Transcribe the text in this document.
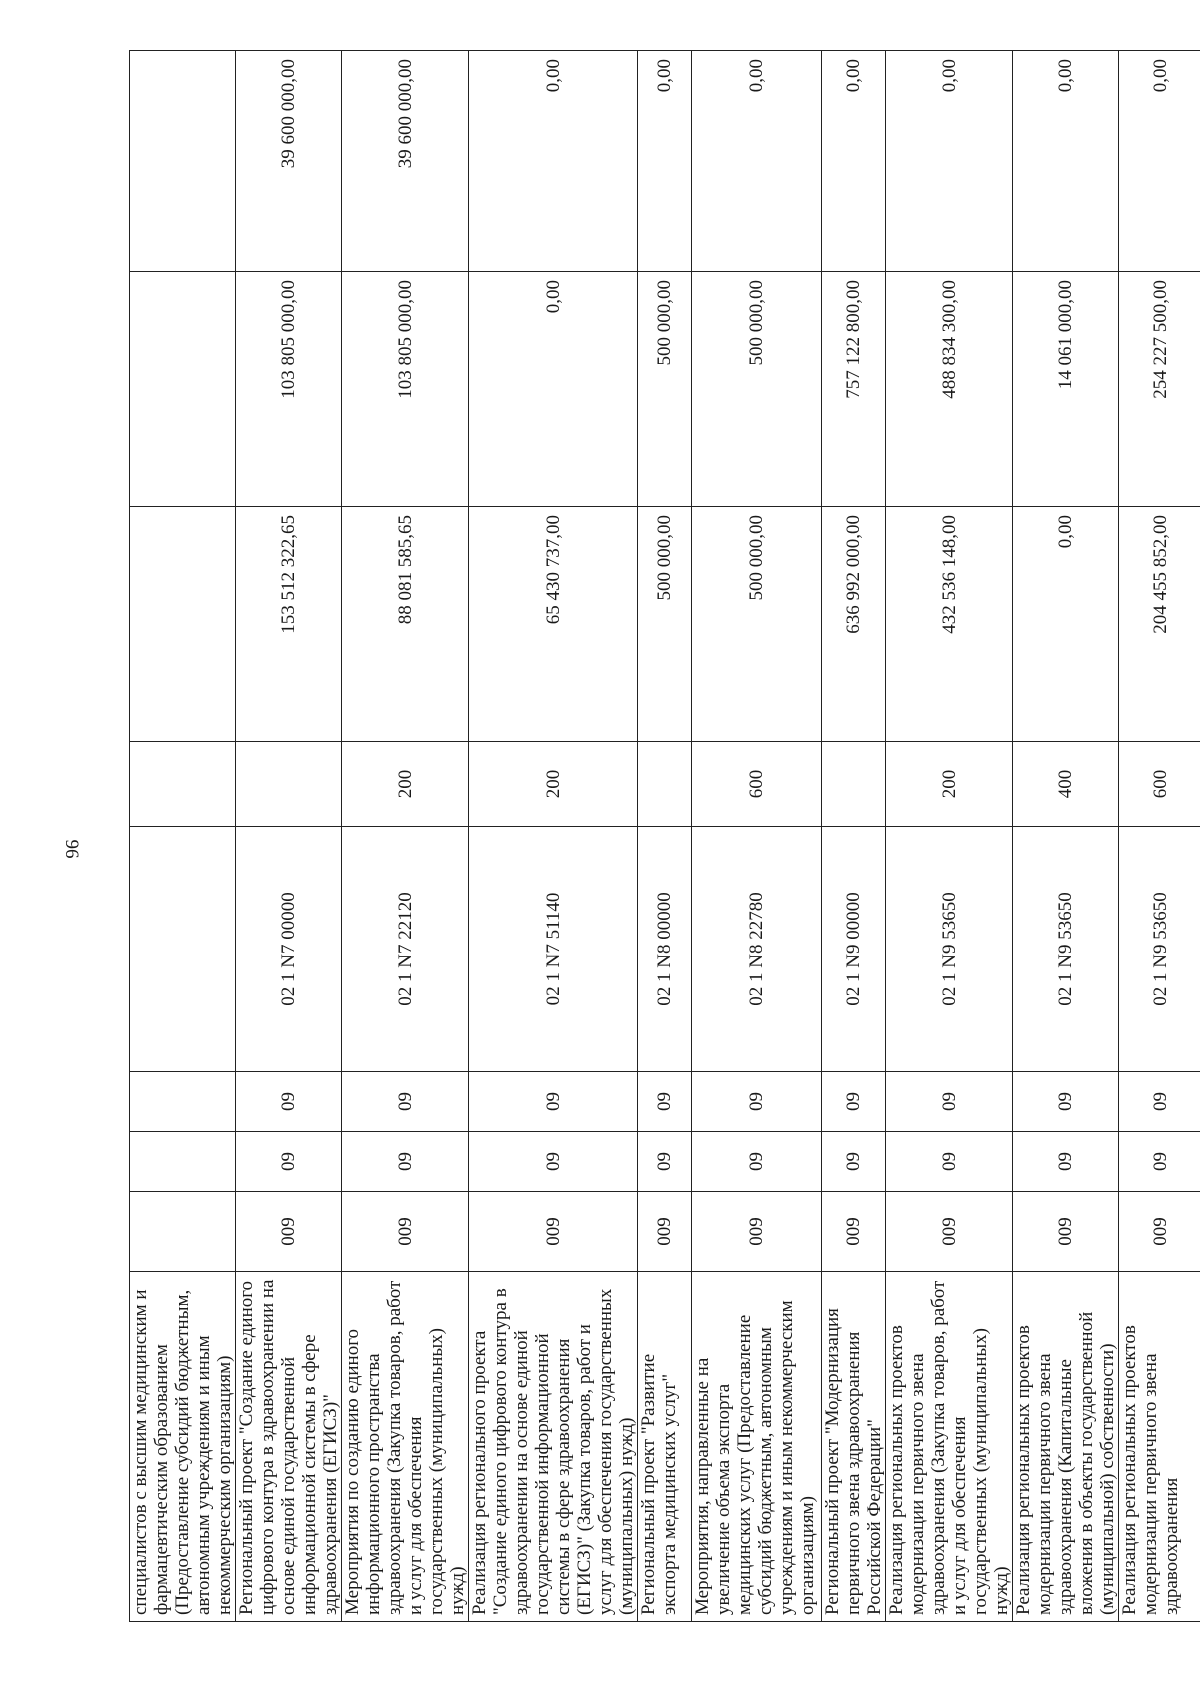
96
специалистов с высшим медицинским и фармацевтическим образованием (Предоставление субсидий бюджетным, автономным учреждениям и иным некоммерческим организациям)								
Региональный проект "Создание единого цифрового контура в здравоохранении на основе единой государственной информационной системы в сфере здравоохранения (ЕГИСЗ)"	009	09	09	02 1 N7 00000		153 512 322,65	103 805 000,00	39 600 000,00
Мероприятия по созданию единого информационного пространства здравоохранения (Закупка товаров, работ и услуг для обеспечения государственных (муниципальных) нужд)	009	09	09	02 1 N7 22120	200	88 081 585,65	103 805 000,00	39 600 000,00
Реализация регионального проекта "Создание единого цифрового контура в здравоохранении на основе единой государственной информационной системы в сфере здравоохранения (ЕГИСЗ)" (Закупка товаров, работ и услуг для обеспечения государственных (муниципальных) нужд)	009	09	09	02 1 N7 51140	200	65 430 737,00	0,00	0,00
Региональный проект "Развитие экспорта медицинских услуг"	009	09	09	02 1 N8 00000		500 000,00	500 000,00	0,00
Мероприятия, направленные на увеличение объема экспорта медицинских услуг (Предоставление субсидий бюджетным, автономным учреждениям и иным некоммерческим организациям)	009	09	09	02 1 N8 22780	600	500 000,00	500 000,00	0,00
Региональный проект "Модернизация первичного звена здравоохранения Российской Федерации"	009	09	09	02 1 N9 00000		636 992 000,00	757 122 800,00	0,00
Реализация региональных проектов модернизации первичного звена здравоохранения (Закупка товаров, работ и услуг для обеспечения государственных (муниципальных) нужд)	009	09	09	02 1 N9 53650	200	432 536 148,00	488 834 300,00	0,00
Реализация региональных проектов модернизации первичного звена здравоохранения (Капитальные вложения в объекты государственной (муниципальной) собственности)	009	09	09	02 1 N9 53650	400	0,00	14 061 000,00	0,00
Реализация региональных проектов модернизации первичного звена здравоохранения	009	09	09	02 1 N9 53650	600	204 455 852,00	254 227 500,00	0,00
